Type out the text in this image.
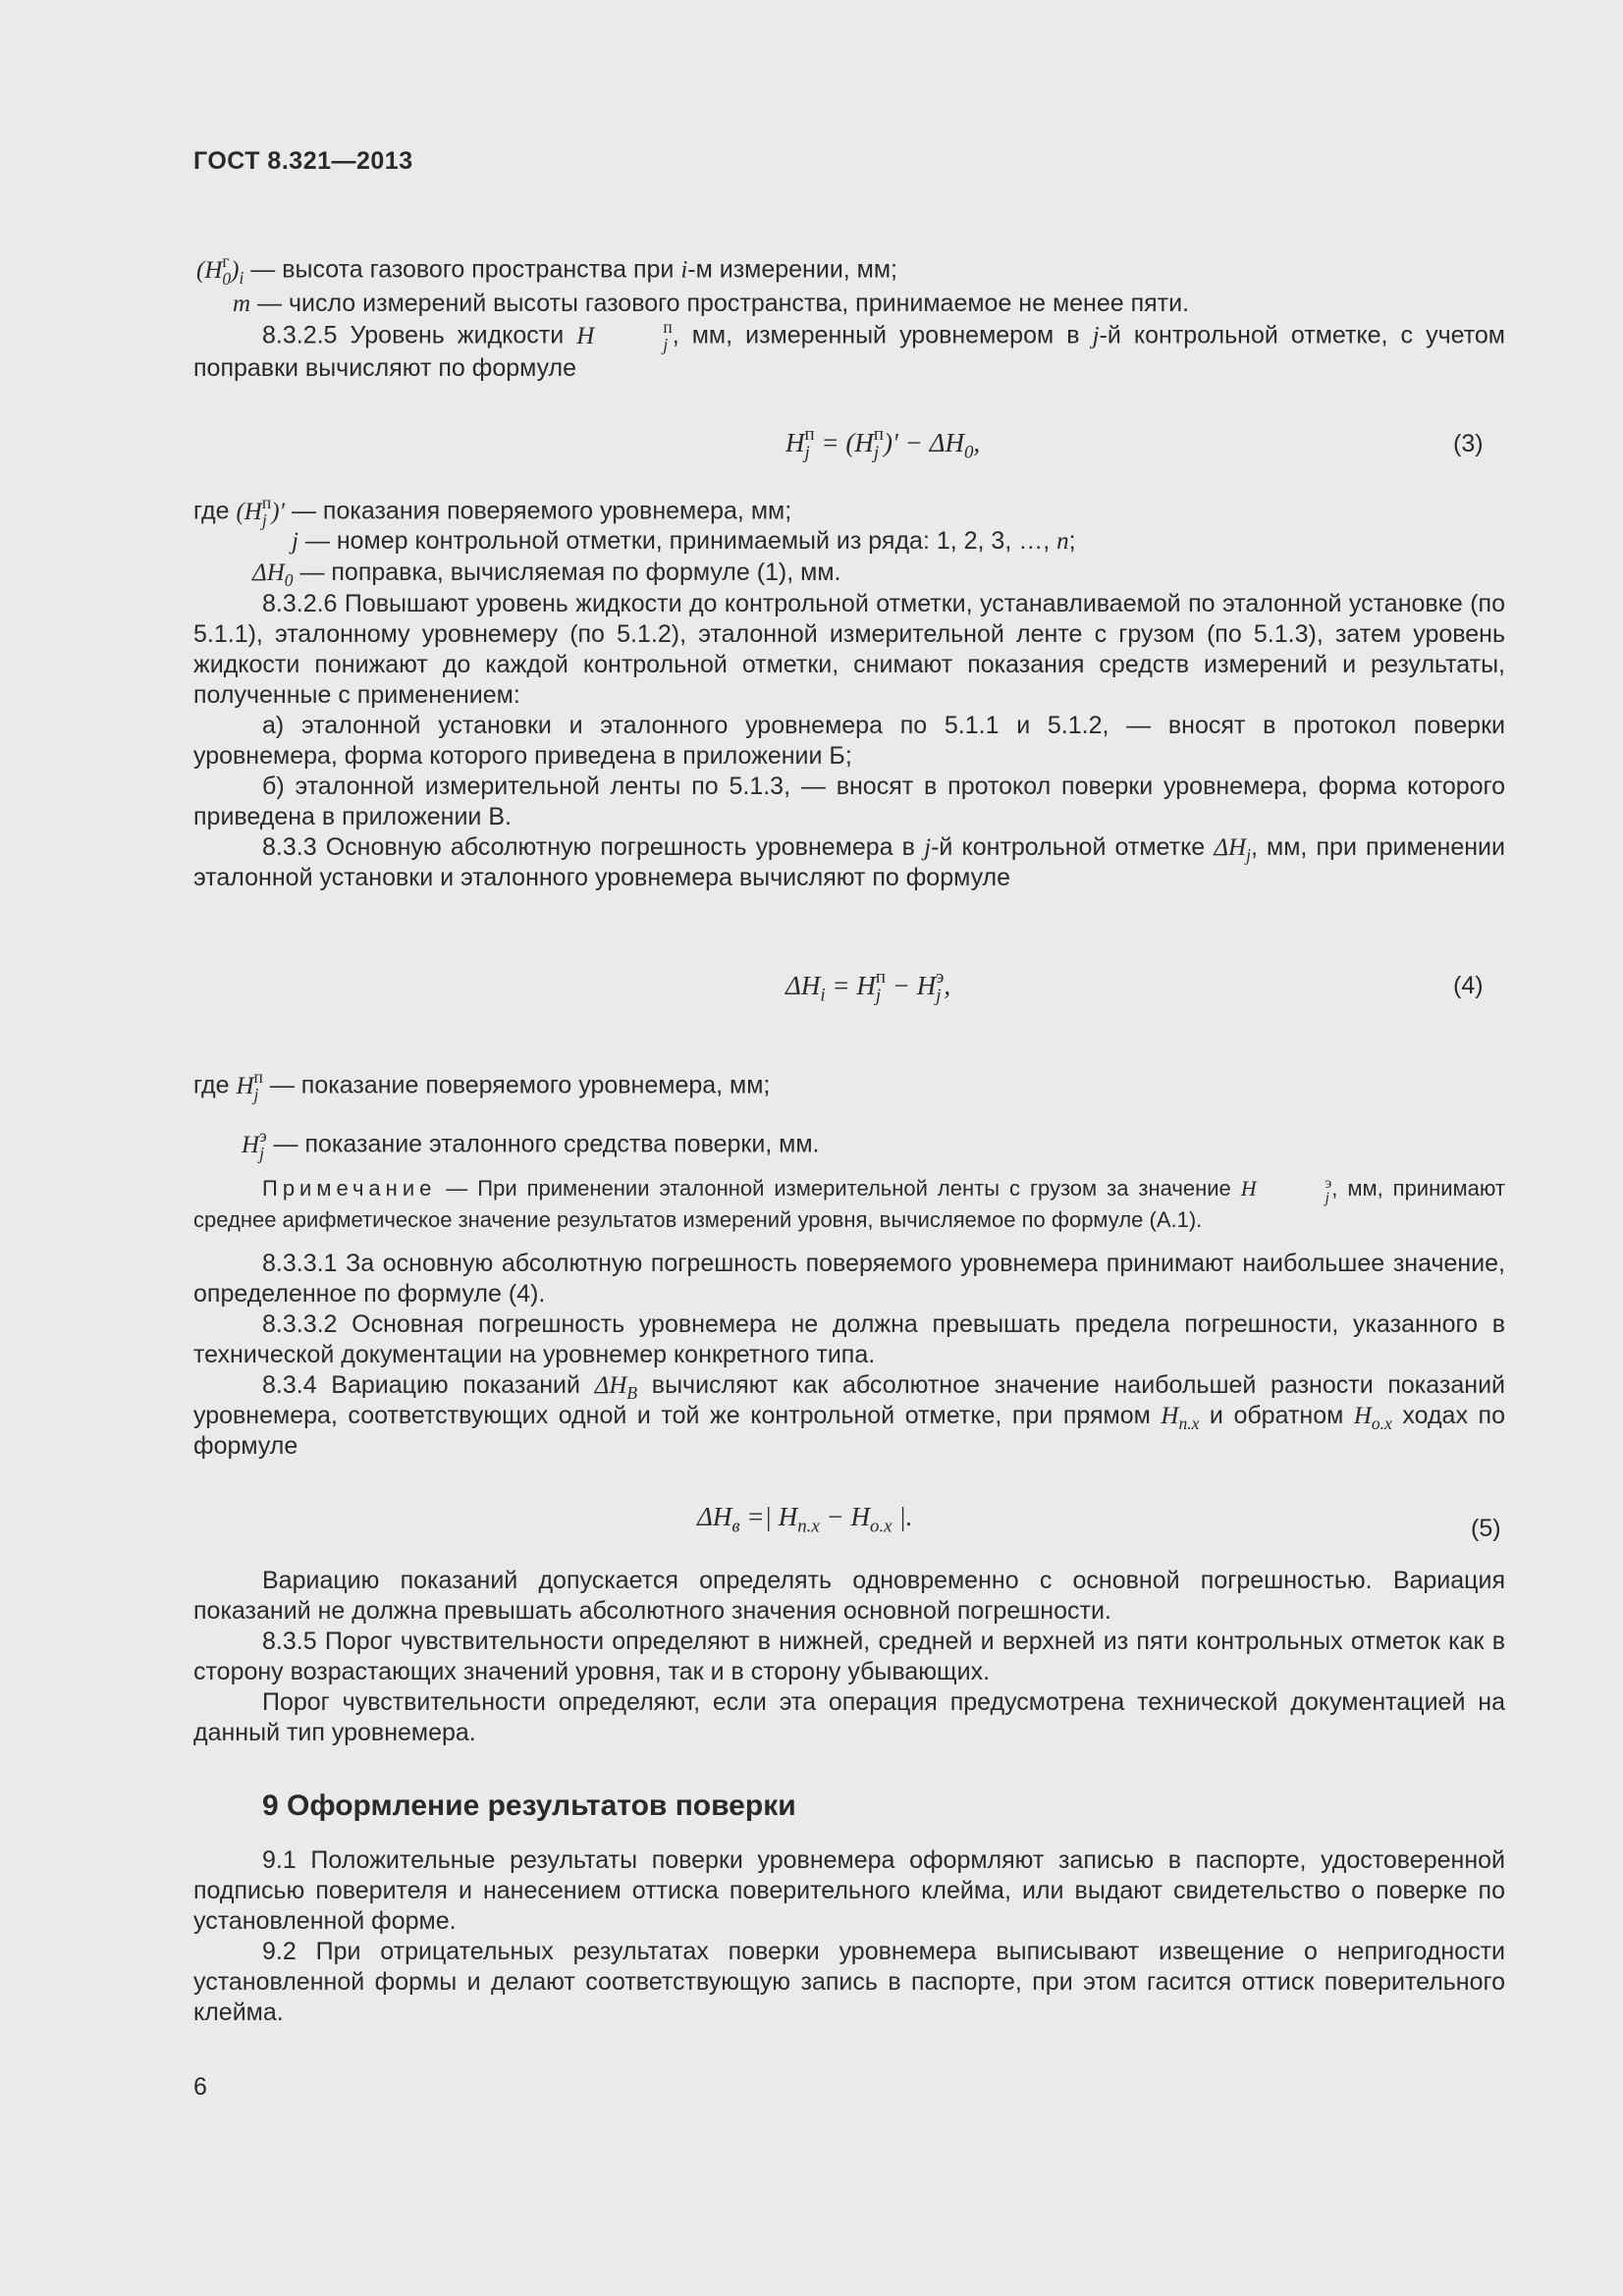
ГОСТ 8.321—2013
(H г
0 )$_i$ — высота газового пространства при i-м измерении, мм;
m — число измерений высоты газового пространства, принимаемое не менее пяти.

8.3.2.5 Уровень жидкости H	п
j , мм, измеренный уровнемером в j-й контрольной отметке, с учетом поправки вычисляют по формуле

H п
j = (H п
j )′ − $\Delta H_0$,	(3)
где (H п
j )′ — показания поверяемого уровнемера, мм;
j — номер контрольной отметки, принимаемый из ряда: 1, 2, 3, …, n;
$\Delta H_0$ — поправка, вычисляемая по формуле (1), мм.

8.3.2.6 Повышают уровень жидкости до контрольной отметки, устанавливаемой по эталонной установке (по 5.1.1), эталонному уровнемеру (по 5.1.2), эталонной измерительной ленте с грузом (по 5.1.3), затем уровень жидкости понижают до каждой контрольной отметки, снимают показания средств измерений и результаты, полученные с применением:

а) эталонной установки и эталонного уровнемера по 5.1.1 и 5.1.2, — вносят в протокол поверки уровнемера, форма которого приведена в приложении Б;

б) эталонной измерительной ленты по 5.1.3, — вносят в протокол поверки уровнемера, форма которого приведена в приложении В.

8.3.3 Основную абсолютную погрешность уровнемера в j-й контрольной отметке $\Delta H_j$, мм, при применении эталонной установки и эталонного уровнемера вычисляют по формуле

$\Delta H_i = H$ п
j − H э
j ,	(4)
где H п
j — показание поверяемого уровнемера, мм;
H э
j — показание эталонного средства поверки, мм.

Примечание — При применении эталонной измерительной ленты с грузом за значение H	э
j , мм, принимают среднее арифметическое значение результатов измерений уровня, вычисляемое по формуле (А.1).

8.3.3.1 За основную абсолютную погрешность поверяемого уровнемера принимают наибольшее значение, определенное по формуле (4).

8.3.3.2 Основная погрешность уровнемера не должна превышать предела погрешности, указанного в технической документации на уровнемер конкретного типа.

8.3.4 Вариацию показаний $\Delta H_В$ вычисляют как абсолютное значение наибольшей разности показаний уровнемера, соответствующих одной и той же контрольной отметке, при прямом $H_{п.х}$ и обратном $H_{о.х}$ ходах по формуле

$\Delta H_в$ =| $H_{п.х} - H_{о.х}$ |.	(5)

Вариацию показаний допускается определять одновременно с основной погрешностью. Вариация показаний не должна превышать абсолютного значения основной погрешности.

8.3.5 Порог чувствительности определяют в нижней, средней и верхней из пяти контрольных отметок как в сторону возрастающих значений уровня, так и в сторону убывающих.

Порог чувствительности определяют, если эта операция предусмотрена технической документацией на данный тип уровнемера.

9 Оформление результатов поверки

9.1 Положительные результаты поверки уровнемера оформляют записью в паспорте, удостоверенной подписью поверителя и нанесением оттиска поверительного клейма, или выдают свидетельство о поверке по установленной форме.

9.2 При отрицательных результатах поверки уровнемера выписывают извещение о непригодности установленной формы и делают соответствующую запись в паспорте, при этом гасится оттиск поверительного клейма.

6
